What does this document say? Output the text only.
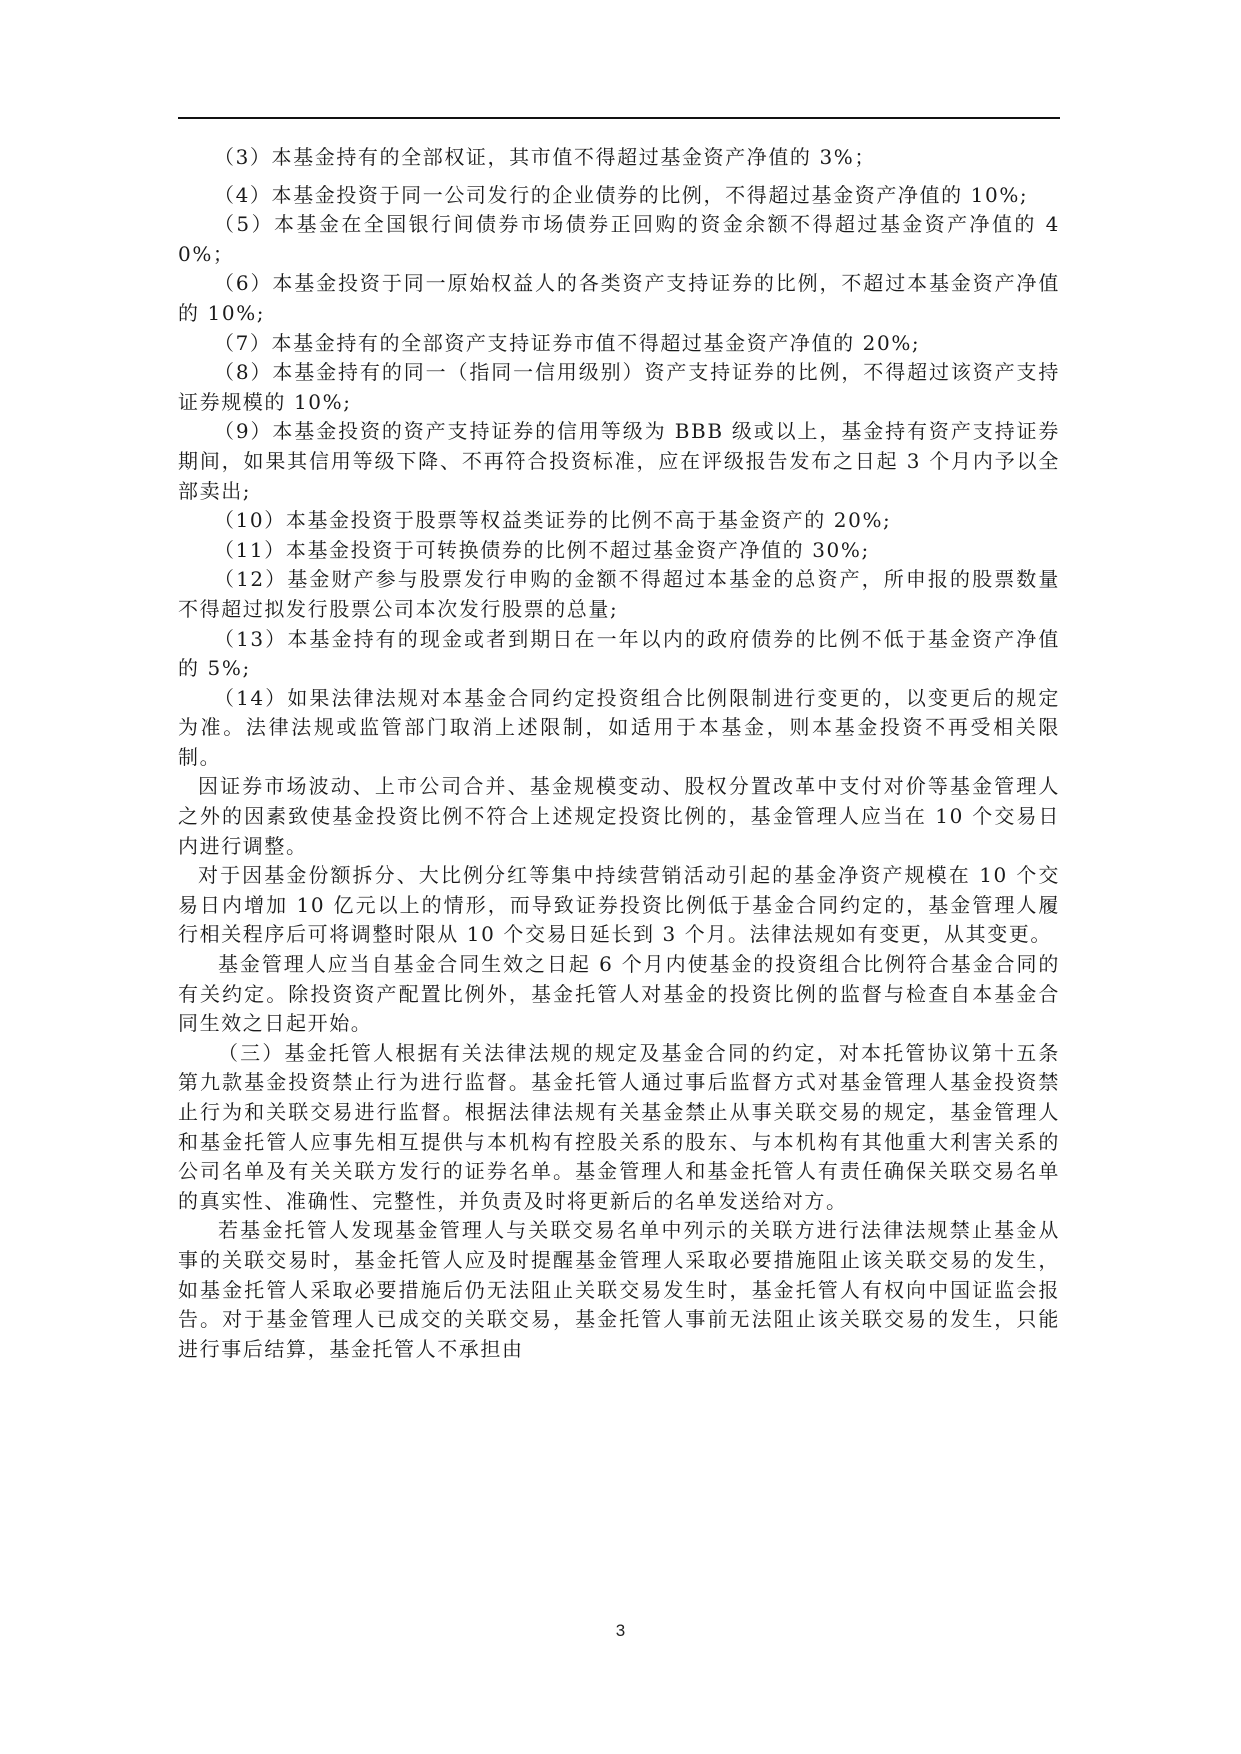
（3）本基金持有的全部权证，其市值不得超过基金资产净值的 3%；

（4）本基金投资于同一公司发行的企业债券的比例，不得超过基金资产净值的 10%;

（5）本基金在全国银行间债券市场债券正回购的资金余额不得超过基金资产净值的 40%；

（6）本基金投资于同一原始权益人的各类资产支持证券的比例，不超过本基金资产净值的 10%;

（7）本基金持有的全部资产支持证券市值不得超过基金资产净值的 20%;

（8）本基金持有的同一（指同一信用级别）资产支持证券的比例，不得超过该资产支持证券规模的 10%;

（9）本基金投资的资产支持证券的信用等级为 BBB 级或以上，基金持有资产支持证券期间，如果其信用等级下降、不再符合投资标准，应在评级报告发布之日起 3 个月内予以全部卖出;

（10）本基金投资于股票等权益类证券的比例不高于基金资产的 20%;

（11）本基金投资于可转换债券的比例不超过基金资产净值的 30%;

（12）基金财产参与股票发行申购的金额不得超过本基金的总资产，所申报的股票数量不得超过拟发行股票公司本次发行股票的总量;

（13）本基金持有的现金或者到期日在一年以内的政府债券的比例不低于基金资产净值的 5%;

（14）如果法律法规对本基金合同约定投资组合比例限制进行变更的，以变更后的规定为准。法律法规或监管部门取消上述限制，如适用于本基金，则本基金投资不再受相关限制。

因证券市场波动、上市公司合并、基金规模变动、股权分置改革中支付对价等基金管理人之外的因素致使基金投资比例不符合上述规定投资比例的，基金管理人应当在 10 个交易日内进行调整。

对于因基金份额拆分、大比例分红等集中持续营销活动引起的基金净资产规模在 10 个交易日内增加 10 亿元以上的情形，而导致证券投资比例低于基金合同约定的，基金管理人履行相关程序后可将调整时限从 10 个交易日延长到 3 个月。法律法规如有变更，从其变更。

基金管理人应当自基金合同生效之日起 6 个月内使基金的投资组合比例符合基金合同的有关约定。除投资资产配置比例外，基金托管人对基金的投资比例的监督与检查自本基金合同生效之日起开始。

（三）基金托管人根据有关法律法规的规定及基金合同的约定，对本托管协议第十五条第九款基金投资禁止行为进行监督。基金托管人通过事后监督方式对基金管理人基金投资禁止行为和关联交易进行监督。根据法律法规有关基金禁止从事关联交易的规定，基金管理人和基金托管人应事先相互提供与本机构有控股关系的股东、与本机构有其他重大利害关系的公司名单及有关关联方发行的证券名单。基金管理人和基金托管人有责任确保关联交易名单的真实性、准确性、完整性，并负责及时将更新后的名单发送给对方。

若基金托管人发现基金管理人与关联交易名单中列示的关联方进行法律法规禁止基金从事的关联交易时，基金托管人应及时提醒基金管理人采取必要措施阻止该关联交易的发生，如基金托管人采取必要措施后仍无法阻止关联交易发生时，基金托管人有权向中国证监会报告。对于基金管理人已成交的关联交易，基金托管人事前无法阻止该关联交易的发生，只能进行事后结算，基金托管人不承担由

3
